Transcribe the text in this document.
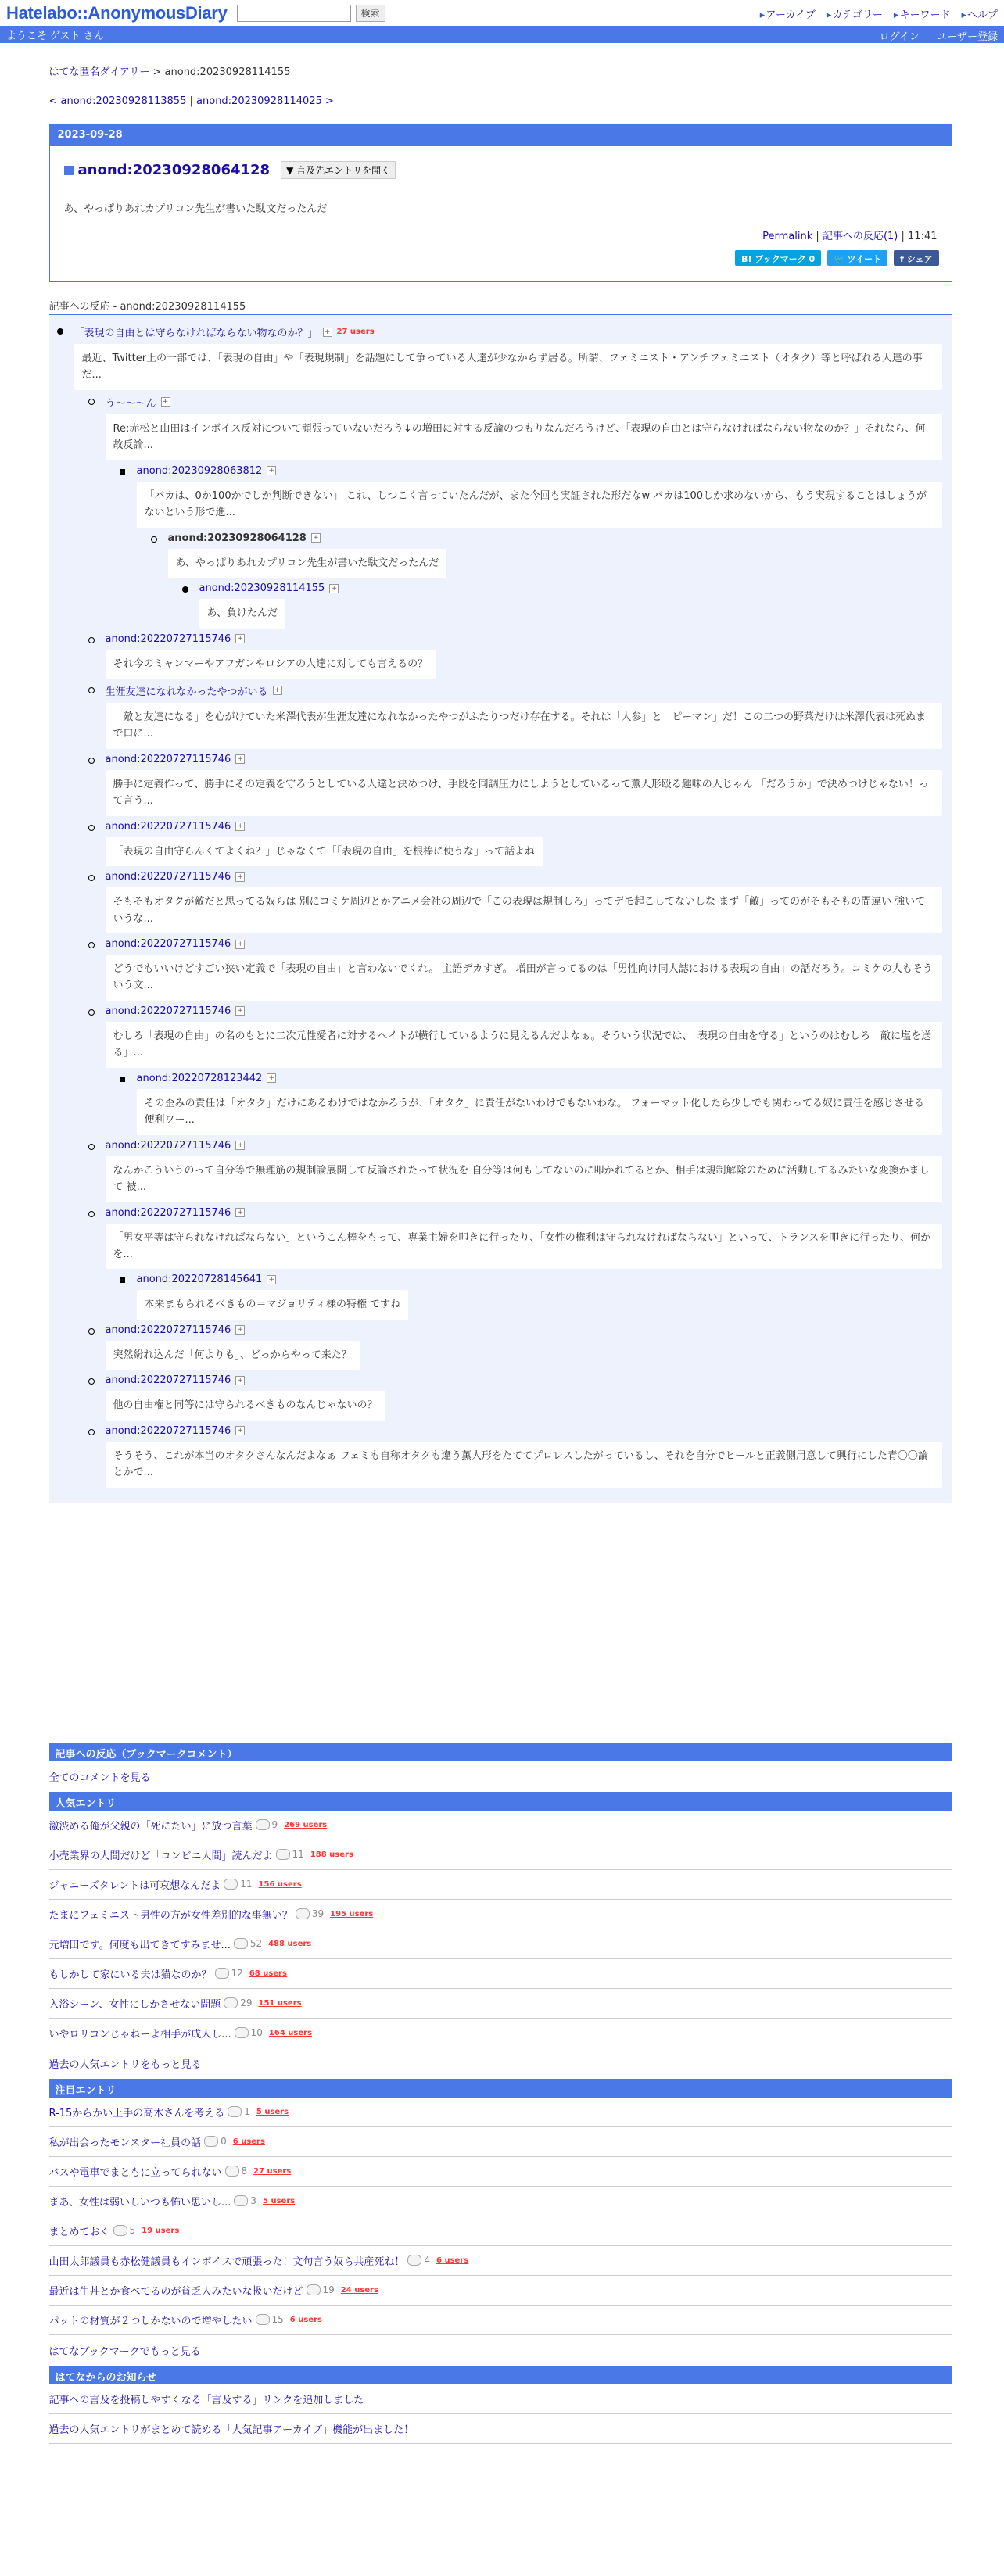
Hatelabo::AnonymousDiary	検索	▸ アーカイブ	▸ カテゴリー	▸ キーワード	▸ ヘルプ
ようこそ ゲスト さん	ログイン ユーザー登録
はてな匿名ダイアリー > anond:20230928114155
< anond:20230928113855 | anond:20230928114025 >
2023-09-28
anond:20230928064128	▼ 言及先エントリを開く
あ、やっぱりあれカプリコン先生が書いた駄文だったんだ
Permalink | 記事への反応(1) | 11:41
B! ブックマーク 0	🐦 ツイート	f シェア
記事への反応 - anond:20230928114155
「表現の自由とは守らなければならない物なのか？」 + 27 users
最近、Twitter上の一部では、「表現の自由」や「表現規制」を話題にして争っている人達が少なからず居る。所謂、フェミニスト・アンチフェミニスト（オタク）等と呼ばれる人達の事だ...
う〜〜〜ん +
Re:赤松と山田はインボイス反対について頑張っていないだろう↓の増田に対する反論のつもりなんだろうけど、「表現の自由とは守らなければならない物なのか？」それなら、何故反論...
anond:20230928063812 +
「バカは、0か100かでしか判断できない」 これ、しつこく言っていたんだが、また今回も実証された形だなw バカは100しか求めないから、もう実現することはしょうがないという形で進...
anond:20230928064128 +
あ、やっぱりあれカプリコン先生が書いた駄文だったんだ
anond:20230928114155 +
あ、負けたんだ
anond:20220727115746 +
それ今のミャンマーやアフガンやロシアの人達に対しても言えるの？
生涯友達になれなかったやつがいる +
「敵と友達になる」を心がけていた米澤代表が生涯友達になれなかったやつがふたりつだけ存在する。それは「人参」と「ピーマン」だ！この二つの野菜だけは米澤代表は死ぬまで口に...
anond:20220727115746 +
勝手に定義作って、勝手にその定義を守ろうとしている人達と決めつけ、手段を同調圧力にしようとしているって薫人形殴る趣味の人じゃん 「だろうか」で決めつけじゃない！って言う...
anond:20220727115746 +
「表現の自由守らんくてよくね？」じゃなくて「「表現の自由」を根棒に使うな」って話よね
anond:20220727115746 +
そもそもオタクが敵だと思ってる奴らは 別にコミケ周辺とかアニメ会社の周辺で「この表現は規制しろ」ってデモ起こしてないしな まず「敵」ってのがそもそもの間違い 強いていうな...
anond:20220727115746 +
どうでもいいけどすごい狭い定義で「表現の自由」と言わないでくれ。 主語デカすぎ。 増田が言ってるのは「男性向け同人誌における表現の自由」の話だろう。コミケの人もそういう文...
anond:20220727115746 +
むしろ「表現の自由」の名のもとに二次元性愛者に対するヘイトが横行しているように見えるんだよなぁ。そういう状況では、「表現の自由を守る」というのはむしろ「敵に塩を送る」...
anond:20220728123442 +
その歪みの責任は「オタク」だけにあるわけではなかろうが、「オタク」に責任がないわけでもないわな。 フォーマット化したら少しでも関わってる奴に責任を感じさせる便利ワー...
anond:20220727115746 +
なんかこういうのって自分等で無理筋の規制論展開して反論されたって状況を 自分等は何もしてないのに叩かれてるとか、相手は規制解除のために活動してるみたいな変換かまして 被...
anond:20220727115746 +
「男女平等は守られなければならない」というこん棒をもって、専業主婦を叩きに行ったり、「女性の権利は守られなければならない」といって、トランスを叩きに行ったり、何かを...
anond:20220728145641 +
本来まもられるべきもの＝マジョリティ様の特権 ですね
anond:20220727115746 +
突然紛れ込んだ「何よりも」、どっからやって来た？
anond:20220727115746 +
他の自由権と同等には守られるべきものなんじゃないの？
anond:20220727115746 +
そうそう、これが本当のオタクさんなんだよなぁ フェミも自称オタクも違う薫人形をたててプロレスしたがっているし、それを自分でヒールと正義側用意して興行にした青〇〇論とかで...
記事への反応（ブックマークコメント）
全てのコメントを見る
人気エントリ
激渋める俺が父親の「死にたい」に放つ言葉	9 269 users
小売業界の人間だけど「コンビニ人間」読んだよ	11 188 users
ジャニーズタレントは可哀想なんだよ	11 156 users
たまにフェミニスト男性の方が女性差別的な事無い？	39 195 users
元増田です。何度も出てきてすみませ...	52 488 users
もしかして家にいる夫は猫なのか？	12 68 users
入浴シーン、女性にしかさせない問題	29 151 users
いやロリコンじゃねーよ相手が成人し...	10 164 users
過去の人気エントリをもっと見る
注目エントリ
R-15からかい上手の高木さんを考える	1 5 users
私が出会ったモンスター社員の話	0 6 users
バスや電車でまともに立ってられない	8 27 users
まあ、女性は弱いしいつも怖い思いし...	3 5 users
まとめておく	5 19 users
山田太郎議員も赤松健議員もインボイスで頑張った！文句言う奴ら共産死ね！	4 6 users
最近は牛丼とか食べてるのが貧乏人みたいな扱いだけど	19 24 users
パットの材質が２つしかないので増やしたい	15 6 users
はてなブックマークでもっと見る
はてなからのお知らせ
記事への言及を投稿しやすくなる「言及する」リンクを追加しました
過去の人気エントリがまとめて読める「人気記事アーカイブ」機能が出ました！
